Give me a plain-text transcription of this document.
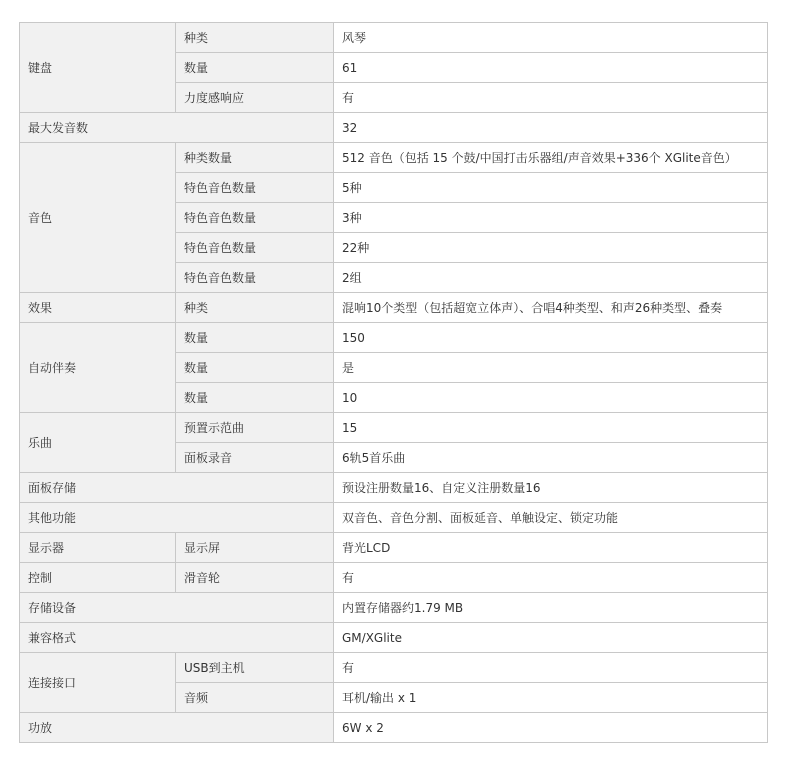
键盘	种类	风琴
	数量	61
	力度感响应	有
最大发音数		32
音色	种类数量	512 音色（包括 15 个鼓/中国打击乐器组/声音效果+336个 XGlite音色）
	特色音色数量	5种
	特色音色数量	3种
	特色音色数量	22种
	特色音色数量	2组
效果	种类	混响10个类型（包括超宽立体声）、合唱4种类型、和声26种类型、叠奏
自动伴奏	数量	150
	数量	是
	数量	10
乐曲	预置示范曲	15
	面板录音	6轨5首乐曲
面板存储		预设注册数量16、自定义注册数量16
其他功能		双音色、音色分割、面板延音、单触设定、锁定功能
显示器	显示屏	背光LCD
控制	滑音轮	有
存储设备		内置存储器约1.79 MB
兼容格式		GM/XGlite
连接接口	USB到主机	有
	音频	耳机/输出 x 1
功放		6W x 2
